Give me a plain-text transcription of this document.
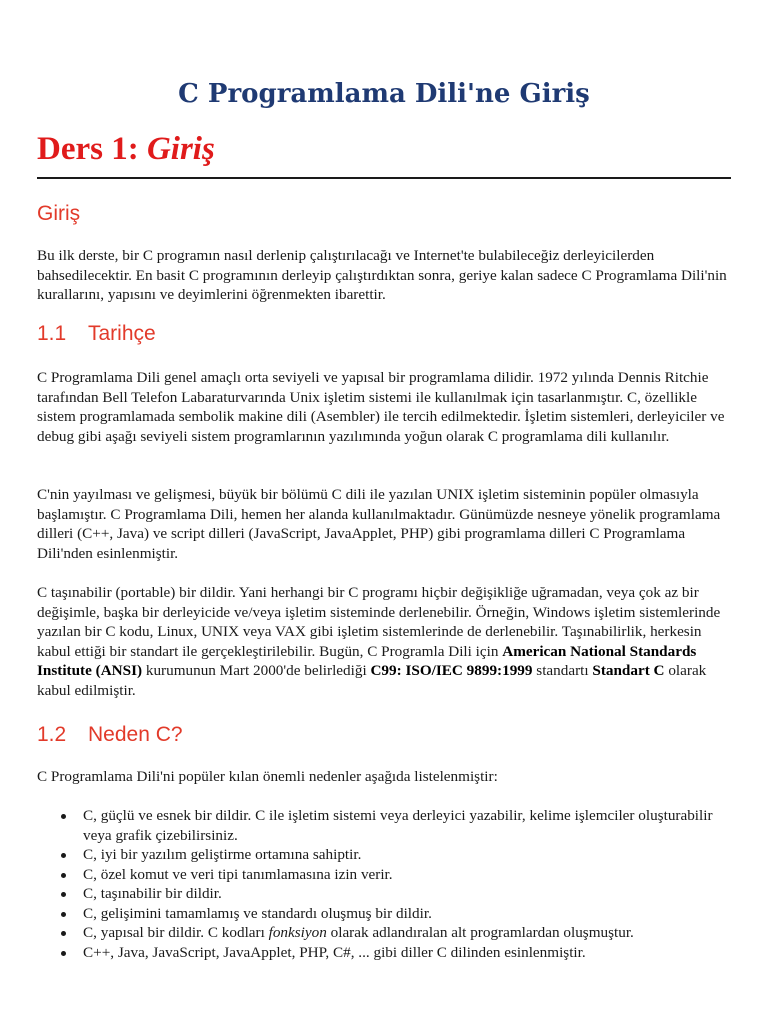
C Programlama Dili'ne Giriş
Ders 1: Giriş
Giriş

Bu ilk derste, bir C programın nasıl derlenip çalıştırılacağı ve Internet'te bulabileceğiz derleyicilerden bahsedilecektir. En basit C programının derleyip çalıştırdıktan sonra, geriye kalan sadece C Programlama Dili'nin kurallarını, yapısını ve deyimlerini öğrenmekten ibarettir.

1.1 Tarihçe

C Programlama Dili genel amaçlı orta seviyeli ve yapısal bir programlama dilidir. 1972 yılında Dennis Ritchie tarafından Bell Telefon Labaraturvarında Unix işletim sistemi ile kullanılmak için tasarlanmıştır. C, özellikle sistem programlamada sembolik makine dili (Asembler) ile tercih edilmektedir. İşletim sistemleri, derleyiciler ve debug gibi aşağı seviyeli sistem programlarının yazılımında yoğun olarak C programlama dili kullanılır.

C'nin yayılması ve gelişmesi, büyük bir bölümü C dili ile yazılan UNIX işletim sisteminin popüler olmasıyla başlamıştır. C Programlama Dili, hemen her alanda kullanılmaktadır. Günümüzde nesneye yönelik programlama dilleri (C++, Java) ve script dilleri (JavaScript, JavaApplet, PHP) gibi programlama dilleri C Programlama Dili'nden esinlenmiştir.

C taşınabilir (portable) bir dildir. Yani herhangi bir C programı hiçbir değişikliğe uğramadan, veya çok az bir değişimle, başka bir derleyicide ve/veya işletim sisteminde derlenebilir. Örneğin, Windows işletim sistemlerinde yazılan bir C kodu, Linux, UNIX veya VAX gibi işletim sistemlerinde de derlenebilir. Taşınabilirlik, herkesin kabul ettiği bir standart ile gerçekleştirilebilir. Bugün, C Programla Dili için American National Standards Institute (ANSI) kurumunun Mart 2000'de belirlediği C99: ISO/IEC 9899:1999 standartı Standart C olarak kabul edilmiştir.

1.2 Neden C?

C Programlama Dili'ni popüler kılan önemli nedenler aşağıda listelenmiştir:

C, güçlü ve esnek bir dildir. C ile işletim sistemi veya derleyici yazabilir, kelime işlemciler oluşturabilir veya grafik çizebilirsiniz.
C, iyi bir yazılım geliştirme ortamına sahiptir.
C, özel komut ve veri tipi tanımlamasına izin verir.
C, taşınabilir bir dildir.
C, gelişimini tamamlamış ve standardı oluşmuş bir dildir.
C, yapısal bir dildir. C kodları fonksiyon olarak adlandıralan alt programlardan oluşmuştur.
C++, Java, JavaScript, JavaApplet, PHP, C#, ... gibi diller C dilinden esinlenmiştir.
